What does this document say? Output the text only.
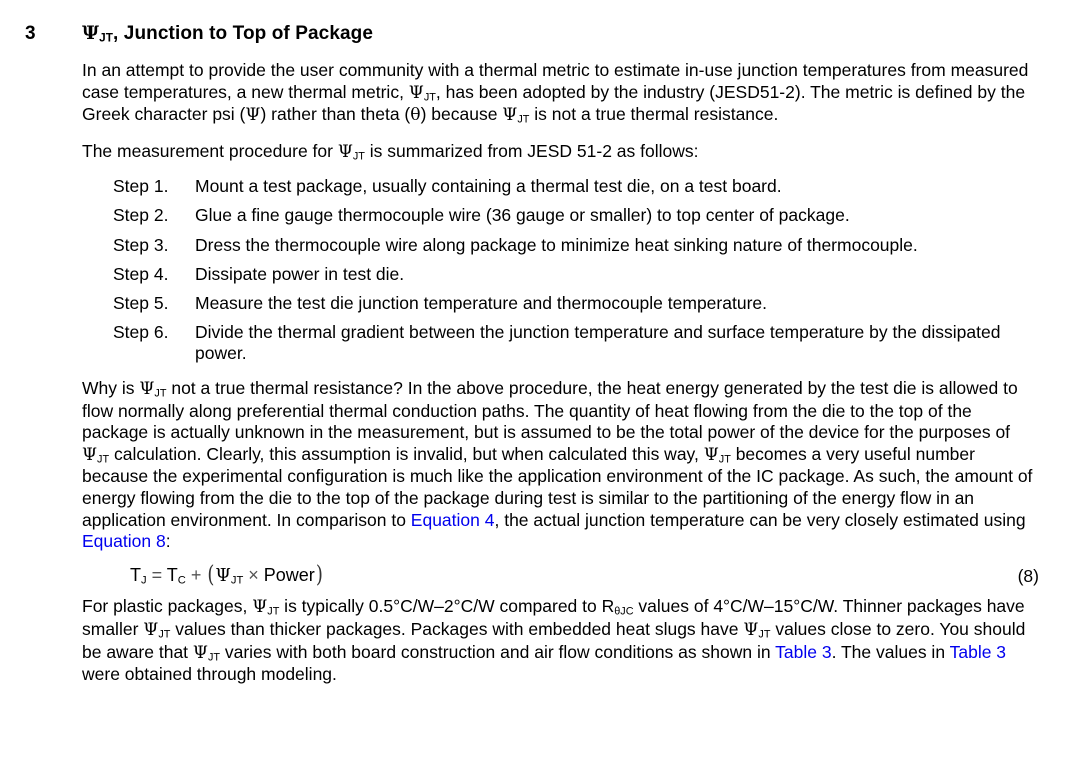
3	$\Psi_{JT}$, Junction to Top of Package

In an attempt to provide the user community with a thermal metric to estimate in-use junction temperatures from measured case temperatures, a new thermal metric, $\Psi_{JT}$, has been adopted by the industry (JESD51-2). The metric is defined by the Greek character psi (Ψ) rather than theta (θ) because $\Psi_{JT}$ is not a true thermal resistance.

The measurement procedure for $\Psi_{JT}$ is summarized from JESD 51-2 as follows:

Step 1.	Mount a test package, usually containing a thermal test die, on a test board.
Step 2.	Glue a fine gauge thermocouple wire (36 gauge or smaller) to top center of package.
Step 3.	Dress the thermocouple wire along package to minimize heat sinking nature of thermocouple.
Step 4.	Dissipate power in test die.
Step 5.	Measure the test die junction temperature and thermocouple temperature.
Step 6.	Divide the thermal gradient between the junction temperature and surface temperature by the dissipated power.

Why is $\Psi_{JT}$ not a true thermal resistance? In the above procedure, the heat energy generated by the test die is allowed to flow normally along preferential thermal conduction paths. The quantity of heat flowing from the die to the top of the package is actually unknown in the measurement, but is assumed to be the total power of the device for the purposes of $\Psi_{JT}$ calculation. Clearly, this assumption is invalid, but when calculated this way, $\Psi_{JT}$ becomes a very useful number because the experimental configuration is much like the application environment of the IC package. As such, the amount of energy flowing from the die to the top of the package during test is similar to the partitioning of the energy flow in an application environment. In comparison to Equation 4, the actual junction temperature can be very closely estimated using Equation 8:

$T_J = T_C + (\Psi_{JT}$ × Power)	(8)

For plastic packages, $\Psi_{JT}$ is typically 0.5°C/W–2°C/W compared to $R_{\theta JC}$ values of 4°C/W–15°C/W. Thinner packages have smaller $\Psi_{JT}$ values than thicker packages. Packages with embedded heat slugs have $\Psi_{JT}$ values close to zero. You should be aware that $\Psi_{JT}$ varies with both board construction and air flow conditions as shown in Table 3. The values in Table 3 were obtained through modeling.
